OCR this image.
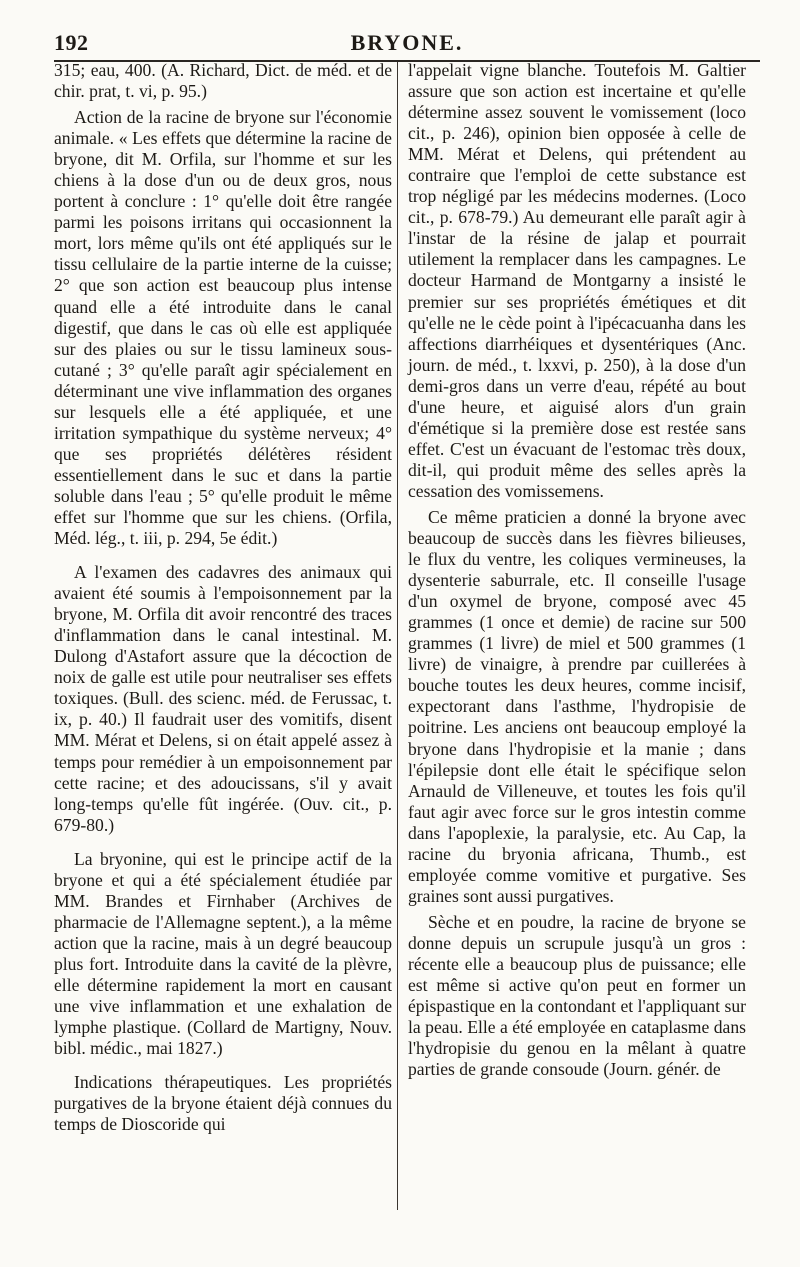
192	BRYONE.

315; eau, 400. (A. Richard, Dict. de méd. et de chir. prat, t. vi, p. 95.)

Action de la racine de bryone sur l'économie animale. « Les effets que détermine la racine de bryone, dit M. Orfila, sur l'homme et sur les chiens à la dose d'un ou de deux gros, nous portent à conclure : 1° qu'elle doit être rangée parmi les poisons irritans qui occasionnent la mort, lors même qu'ils ont été appliqués sur le tissu cellulaire de la partie interne de la cuisse; 2° que son action est beaucoup plus intense quand elle a été introduite dans le canal digestif, que dans le cas où elle est appliquée sur des plaies ou sur le tissu lamineux sous-cutané ; 3° qu'elle paraît agir spécialement en déterminant une vive inflammation des organes sur lesquels elle a été appliquée, et une irritation sympathique du système nerveux; 4° que ses propriétés délétères résident essentiellement dans le suc et dans la partie soluble dans l'eau ; 5° qu'elle produit le même effet sur l'homme que sur les chiens. (Orfila, Méd. lég., t. iii, p. 294, 5e édit.)

A l'examen des cadavres des animaux qui avaient été soumis à l'empoisonnement par la bryone, M. Orfila dit avoir rencontré des traces d'inflammation dans le canal intestinal. M. Dulong d'Astafort assure que la décoction de noix de galle est utile pour neutraliser ses effets toxiques. (Bull. des scienc. méd. de Ferussac, t. ix, p. 40.) Il faudrait user des vomitifs, disent MM. Mérat et Delens, si on était appelé assez à temps pour remédier à un empoisonnement par cette racine; et des adoucissans, s'il y avait long-temps qu'elle fût ingérée. (Ouv. cit., p. 679-80.)

La bryonine, qui est le principe actif de la bryone et qui a été spécialement étudiée par MM. Brandes et Firnhaber (Archives de pharmacie de l'Allemagne septent.), a la même action que la racine, mais à un degré beaucoup plus fort. Introduite dans la cavité de la plèvre, elle détermine rapidement la mort en causant une vive inflammation et une exhalation de lymphe plastique. (Collard de Martigny, Nouv. bibl. médic., mai 1827.)

Indications thérapeutiques. Les propriétés purgatives de la bryone étaient déjà connues du temps de Dioscoride qui

l'appelait vigne blanche. Toutefois M. Galtier assure que son action est incertaine et qu'elle détermine assez souvent le vomissement (loco cit., p. 246), opinion bien opposée à celle de MM. Mérat et Delens, qui prétendent au contraire que l'emploi de cette substance est trop négligé par les médecins modernes. (Loco cit., p. 678-79.) Au demeurant elle paraît agir à l'instar de la résine de jalap et pourrait utilement la remplacer dans les campagnes. Le docteur Harmand de Montgarny a insisté le premier sur ses propriétés émétiques et dit qu'elle ne le cède point à l'ipécacuanha dans les affections diarrhéiques et dysentériques (Anc. journ. de méd., t. lxxvi, p. 250), à la dose d'un demi-gros dans un verre d'eau, répété au bout d'une heure, et aiguisé alors d'un grain d'émétique si la première dose est restée sans effet. C'est un évacuant de l'estomac très doux, dit-il, qui produit même des selles après la cessation des vomissemens.

Ce même praticien a donné la bryone avec beaucoup de succès dans les fièvres bilieuses, le flux du ventre, les coliques vermineuses, la dysenterie saburrale, etc. Il conseille l'usage d'un oxymel de bryone, composé avec 45 grammes (1 once et demie) de racine sur 500 grammes (1 livre) de miel et 500 grammes (1 livre) de vinaigre, à prendre par cuillerées à bouche toutes les deux heures, comme incisif, expectorant dans l'asthme, l'hydropisie de poitrine. Les anciens ont beaucoup employé la bryone dans l'hydropisie et la manie ; dans l'épilepsie dont elle était le spécifique selon Arnauld de Villeneuve, et toutes les fois qu'il faut agir avec force sur le gros intestin comme dans l'apoplexie, la paralysie, etc. Au Cap, la racine du bryonia africana, Thumb., est employée comme vomitive et purgative. Ses graines sont aussi purgatives.

Sèche et en poudre, la racine de bryone se donne depuis un scrupule jusqu'à un gros : récente elle a beaucoup plus de puissance; elle est même si active qu'on peut en former un épispastique en la contondant et l'appliquant sur la peau. Elle a été employée en cataplasme dans l'hydropisie du genou en la mêlant à quatre parties de grande consoude (Journ. génér. de
